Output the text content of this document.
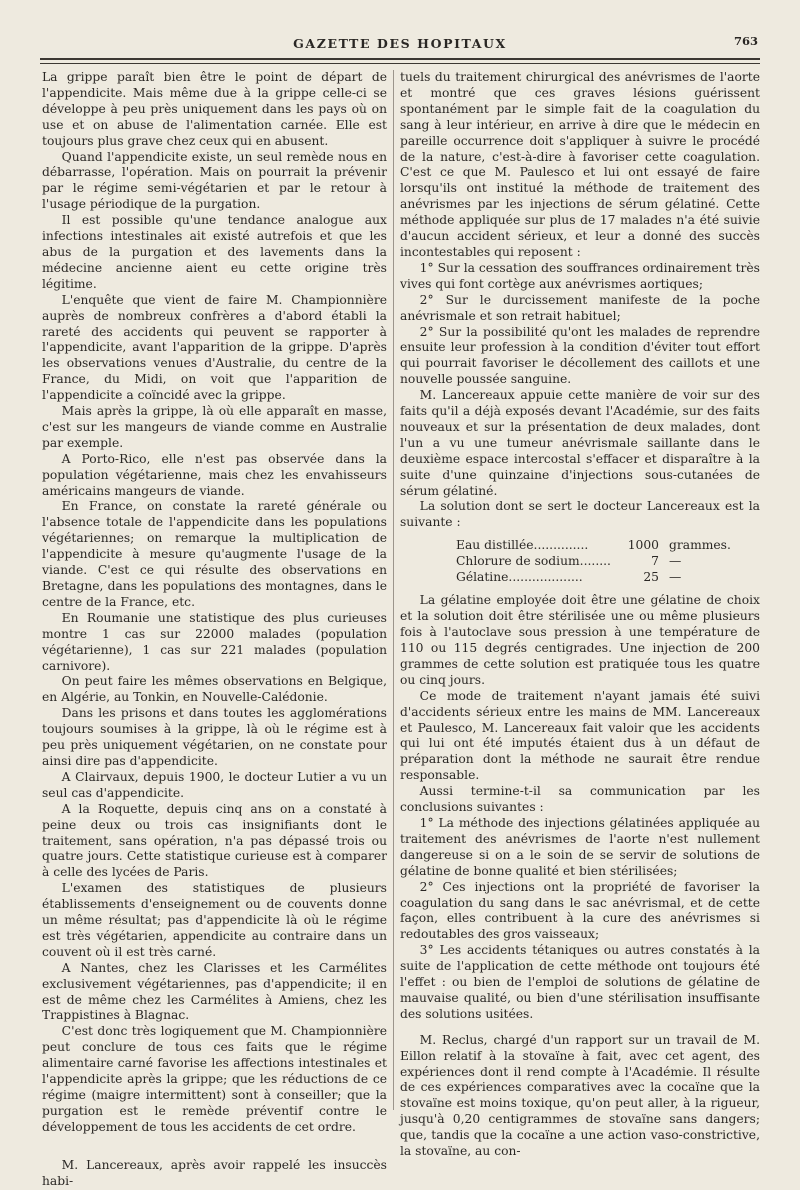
GAZETTE DES HOPITAUX	763

La grippe paraît bien être le point de départ de l'appendicite. Mais même due à la grippe celle-ci se développe à peu près uniquement dans les pays où on use et on abuse de l'alimentation carnée. Elle est toujours plus grave chez ceux qui en abusent.

Quand l'appendicite existe, un seul remède nous en débarrasse, l'opération. Mais on pourrait la prévenir par le régime semi-végétarien et par le retour à l'usage périodique de la purgation.

Il est possible qu'une tendance analogue aux infections intestinales ait existé autrefois et que les abus de la purgation et des lavements dans la médecine ancienne aient eu cette origine très légitime.

L'enquête que vient de faire M. Championnière auprès de nombreux confrères a d'abord établi la rareté des accidents qui peuvent se rapporter à l'appendicite, avant l'apparition de la grippe. D'après les observations venues d'Australie, du centre de la France, du Midi, on voit que l'apparition de l'appendicite a coïncidé avec la grippe.

Mais après la grippe, là où elle apparaît en masse, c'est sur les mangeurs de viande comme en Australie par exemple.

A Porto-Rico, elle n'est pas observée dans la population végétarienne, mais chez les envahisseurs américains mangeurs de viande.

En France, on constate la rareté générale ou l'absence totale de l'appendicite dans les populations végétariennes; on remarque la multiplication de l'appendicite à mesure qu'augmente l'usage de la viande. C'est ce qui résulte des observations en Bretagne, dans les populations des montagnes, dans le centre de la France, etc.

En Roumanie une statistique des plus curieuses montre 1 cas sur 22000 malades (population végétarienne), 1 cas sur 221 malades (population carnivore).

On peut faire les mêmes observations en Belgique, en Algérie, au Tonkin, en Nouvelle-Calédonie.

Dans les prisons et dans toutes les agglomérations toujours soumises à la grippe, là où le régime est à peu près uniquement végétarien, on ne constate pour ainsi dire pas d'appendicite.

A Clairvaux, depuis 1900, le docteur Lutier a vu un seul cas d'appendicite.

A la Roquette, depuis cinq ans on a constaté à peine deux ou trois cas insignifiants dont le traitement, sans opération, n'a pas dépassé trois ou quatre jours. Cette statistique curieuse est à comparer à celle des lycées de Paris.

L'examen des statistiques de plusieurs établissements d'enseignement ou de couvents donne un même résultat; pas d'appendicite là où le régime est très végétarien, appendicite au contraire dans un couvent où il est très carné.

A Nantes, chez les Clarisses et les Carmélites exclusivement végétariennes, pas d'appendicite; il en est de même chez les Carmélites à Amiens, chez les Trappistines à Blagnac.

C'est donc très logiquement que M. Championnière peut conclure de tous ces faits que le régime alimentaire carné favorise les affections intestinales et l'appendicite après la grippe; que les réductions de ce régime (maigre intermittent) sont à conseiller; que la purgation est le remède préventif contre le développement de tous les accidents de cet ordre.

M. Lancereaux, après avoir rappelé les insuccès habi-

tuels du traitement chirurgical des anévrismes de l'aorte et montré que ces graves lésions guérissent spontanément par le simple fait de la coagulation du sang à leur intérieur, en arrive à dire que le médecin en pareille occurrence doit s'appliquer à suivre le procédé de la nature, c'est-à-dire à favoriser cette coagulation. C'est ce que M. Paulesco et lui ont essayé de faire lorsqu'ils ont institué la méthode de traitement des anévrismes par les injections de sérum gélatiné. Cette méthode appliquée sur plus de 17 malades n'a été suivie d'aucun accident sérieux, et leur a donné des succès incontestables qui reposent :

1° Sur la cessation des souffrances ordinairement très vives qui font cortège aux anévrismes aortiques;

2° Sur le durcissement manifeste de la poche anévrismale et son retrait habituel;

2° Sur la possibilité qu'ont les malades de reprendre ensuite leur profession à la condition d'éviter tout effort qui pourrait favoriser le décollement des caillots et une nouvelle poussée sanguine.

M. Lancereaux appuie cette manière de voir sur des faits qu'il a déjà exposés devant l'Académie, sur des faits nouveaux et sur la présentation de deux malades, dont l'un a vu une tumeur anévrismale saillante dans le deuxième espace intercostal s'effacer et disparaître à la suite d'une quinzaine d'injections sous-cutanées de sérum gélatiné.

La solution dont se sert le docteur Lancereaux est la suivante :

Eau distillée..............	1000	grammes.
Chlorure de sodium........	7	—
Gélatine...................	25	—

La gélatine employée doit être une gélatine de choix et la solution doit être stérilisée une ou même plusieurs fois à l'autoclave sous pression à une température de 110 ou 115 degrés centigrades. Une injection de 200 grammes de cette solution est pratiquée tous les quatre ou cinq jours.

Ce mode de traitement n'ayant jamais été suivi d'accidents sérieux entre les mains de MM. Lancereaux et Paulesco, M. Lancereaux fait valoir que les accidents qui lui ont été imputés étaient dus à un défaut de préparation dont la méthode ne saurait être rendue responsable.

Aussi termine-t-il sa communication par les conclusions suivantes :

1° La méthode des injections gélatinées appliquée au traitement des anévrismes de l'aorte n'est nullement dangereuse si on a le soin de se servir de solutions de gélatine de bonne qualité et bien stérilisées;

2° Ces injections ont la propriété de favoriser la coagulation du sang dans le sac anévrismal, et de cette façon, elles contribuent à la cure des anévrismes si redoutables des gros vaisseaux;

3° Les accidents tétaniques ou autres constatés à la suite de l'application de cette méthode ont toujours été l'effet : ou bien de l'emploi de solutions de gélatine de mauvaise qualité, ou bien d'une stérilisation insuffisante des solutions usitées.

M. Reclus, chargé d'un rapport sur un travail de M. Eillon relatif à la stovaïne à fait, avec cet agent, des expériences dont il rend compte à l'Académie. Il résulte de ces expériences comparatives avec la cocaïne que la stovaïne est moins toxique, qu'on peut aller, à la rigueur, jusqu'à 0,20 centigrammes de stovaïne sans dangers; que, tandis que la cocaïne a une action vaso-constrictive, la stovaïne, au con-
